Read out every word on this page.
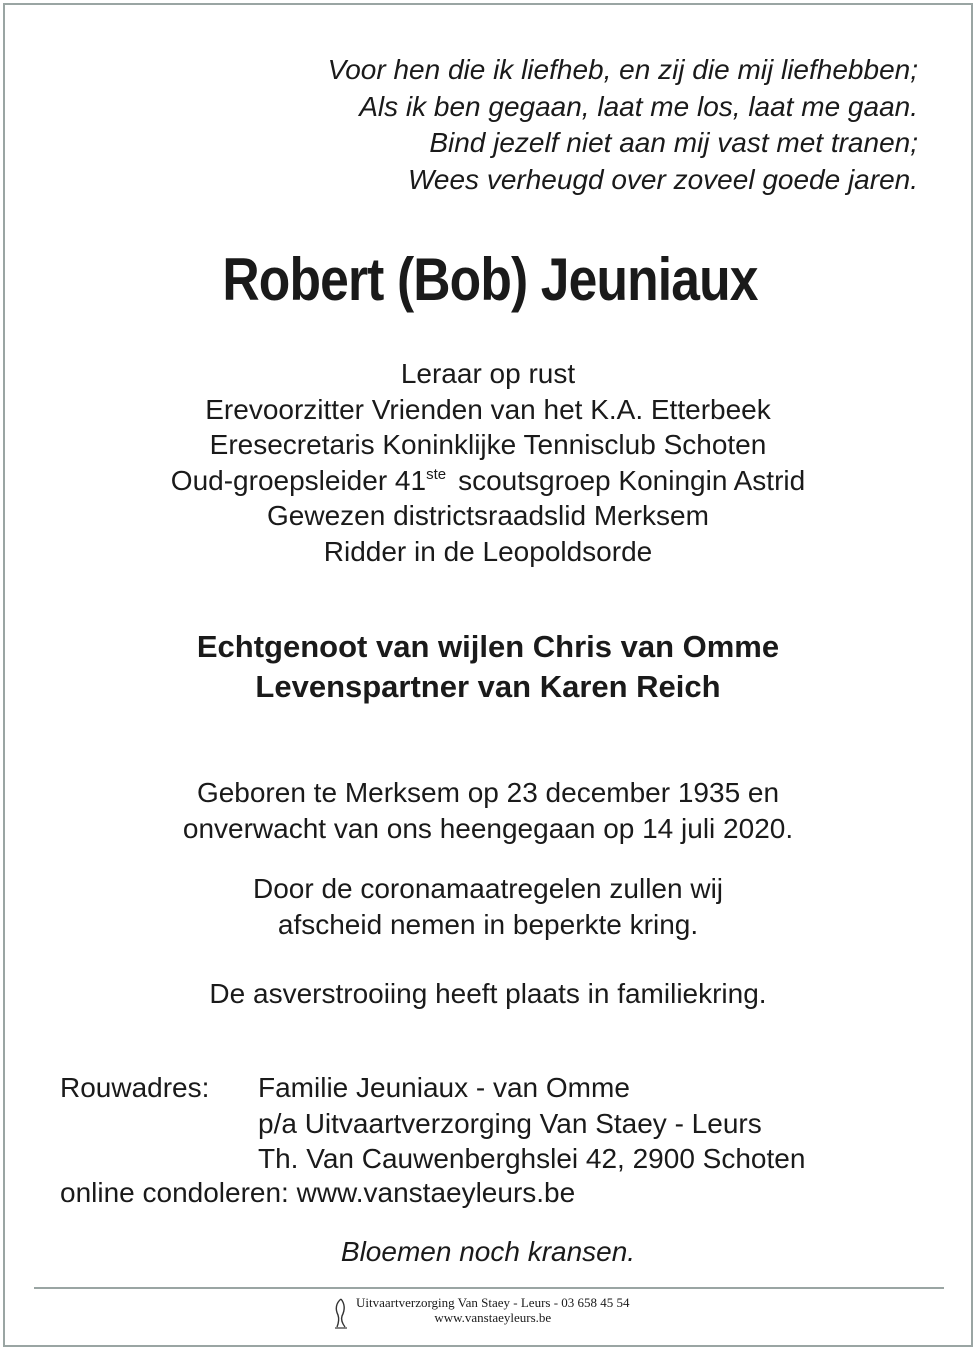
Voor hen die ik liefheb, en zij die mij liefhebben;
Als ik ben gegaan, laat me los, laat me gaan.
Bind jezelf niet aan mij vast met tranen;
Wees verheugd over zoveel goede jaren.
Robert (Bob) Jeuniaux
Leraar op rust
Erevoorzitter Vrienden van het K.A. Etterbeek
Eresecretaris Koninklijke Tennisclub Schoten
Oud-groepsleider 41ste scoutsgroep Koningin Astrid
Gewezen districtsraadslid Merksem
Ridder in de Leopoldsorde
Echtgenoot van wijlen Chris van Omme
Levenspartner van Karen Reich
Geboren te Merksem op 23 december 1935 en
onverwacht van ons heengegaan op 14 juli 2020.
Door de coronamaatregelen zullen wij
afscheid nemen in beperkte kring.
De asverstrooiing heeft plaats in familiekring.
Rouwadres:	Familie Jeuniaux - van Omme
p/a Uitvaartverzorging Van Staey - Leurs
Th. Van Cauwenberghslei 42, 2900 Schoten
online condoleren: www.vanstaeyleurs.be
Bloemen noch kransen.
Uitvaartverzorging Van Staey - Leurs - 03 658 45 54
www.vanstaeyleurs.be
